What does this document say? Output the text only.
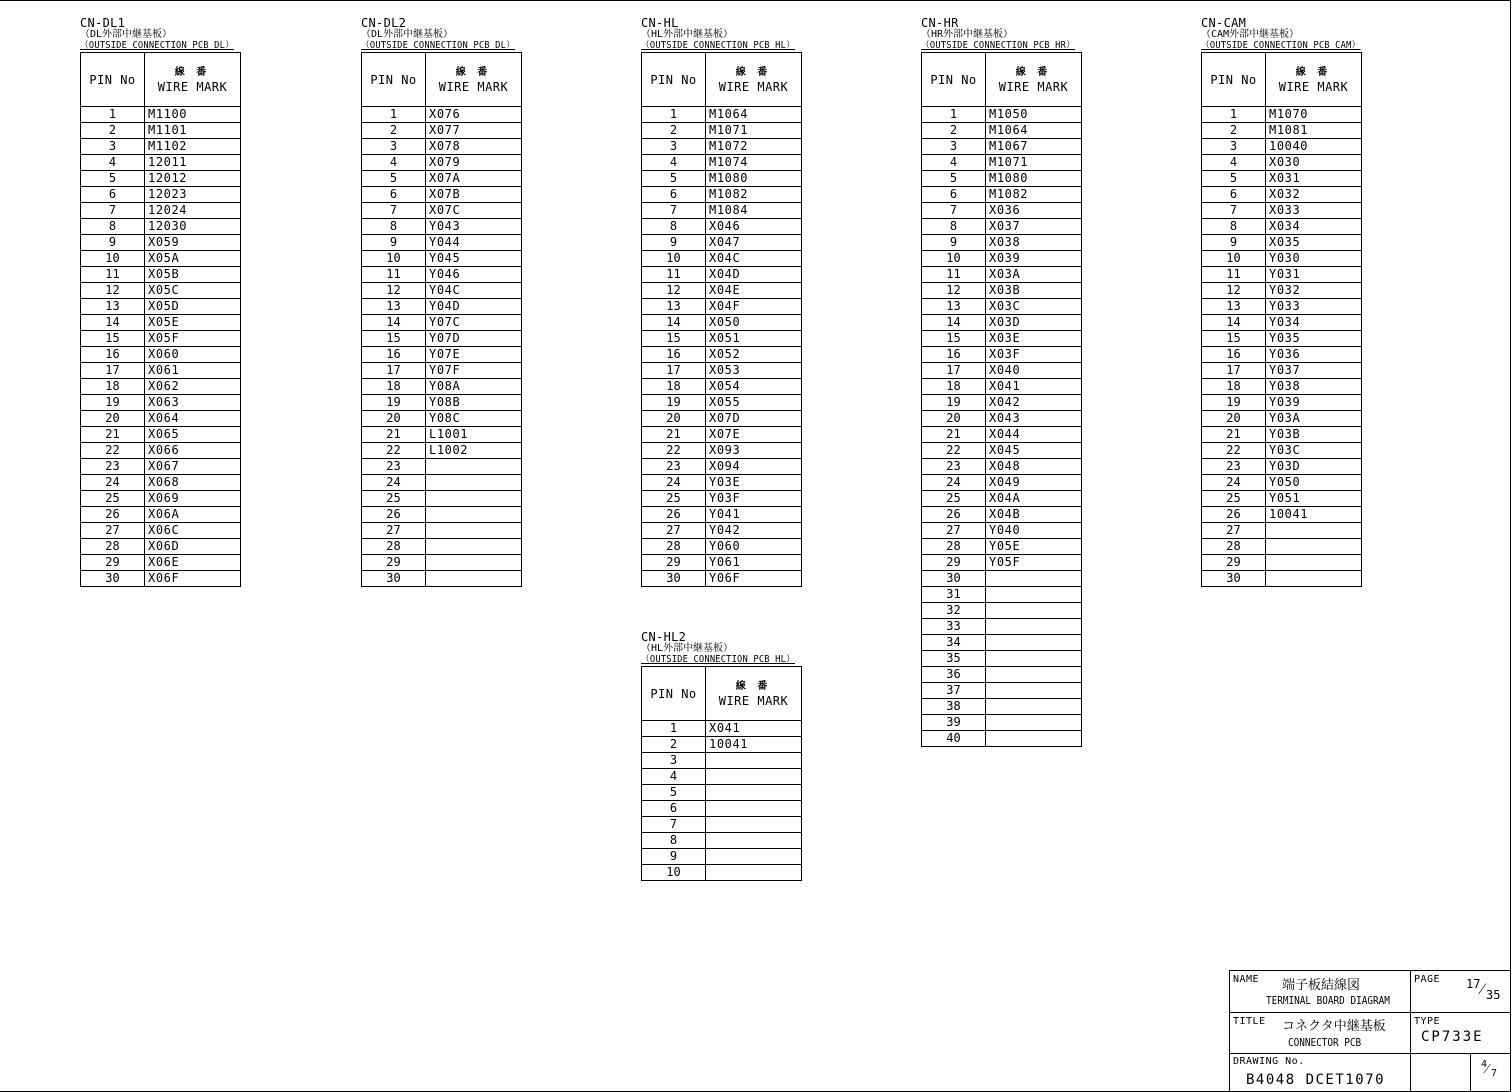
CN-DL1
（DL外部中継基板）
（OUTSIDE CONNECTION PCB DL）
PIN No	線 番
WIRE MARK
1	M1100
2	M1101
3	M1102
4	12011
5	12012
6	12023
7	12024
8	12030
9	X059
10	X05A
11	X05B
12	X05C
13	X05D
14	X05E
15	X05F
16	X060
17	X061
18	X062
19	X063
20	X064
21	X065
22	X066
23	X067
24	X068
25	X069
26	X06A
27	X06C
28	X06D
29	X06E
30	X06F
CN-DL2
（DL外部中継基板）
（OUTSIDE CONNECTION PCB DL）
PIN No	線 番
WIRE MARK
1	X076
2	X077
3	X078
4	X079
5	X07A
6	X07B
7	X07C
8	Y043
9	Y044
10	Y045
11	Y046
12	Y04C
13	Y04D
14	Y07C
15	Y07D
16	Y07E
17	Y07F
18	Y08A
19	Y08B
20	Y08C
21	L1001
22	L1002
23	
24	
25	
26	
27	
28	
29	
30	
CN-HL
（HL外部中継基板）
（OUTSIDE CONNECTION PCB HL）
PIN No	線 番
WIRE MARK
1	M1064
2	M1071
3	M1072
4	M1074
5	M1080
6	M1082
7	M1084
8	X046
9	X047
10	X04C
11	X04D
12	X04E
13	X04F
14	X050
15	X051
16	X052
17	X053
18	X054
19	X055
20	X07D
21	X07E
22	X093
23	X094
24	Y03E
25	Y03F
26	Y041
27	Y042
28	Y060
29	Y061
30	Y06F
CN-HR
（HR外部中継基板）
（OUTSIDE CONNECTION PCB HR）
PIN No	線 番
WIRE MARK
1	M1050
2	M1064
3	M1067
4	M1071
5	M1080
6	M1082
7	X036
8	X037
9	X038
10	X039
11	X03A
12	X03B
13	X03C
14	X03D
15	X03E
16	X03F
17	X040
18	X041
19	X042
20	X043
21	X044
22	X045
23	X048
24	X049
25	X04A
26	X04B
27	Y040
28	Y05E
29	Y05F
30	
31	
32	
33	
34	
35	
36	
37	
38	
39	
40	
CN-CAM
（CAM外部中継基板）
（OUTSIDE CONNECTION PCB CAM）
PIN No	線 番
WIRE MARK
1	M1070
2	M1081
3	10040
4	X030
5	X031
6	X032
7	X033
8	X034
9	X035
10	Y030
11	Y031
12	Y032
13	Y033
14	Y034
15	Y035
16	Y036
17	Y037
18	Y038
19	Y039
20	Y03A
21	Y03B
22	Y03C
23	Y03D
24	Y050
25	Y051
26	10041
27	
28	
29	
30	
CN-HL2
（HL外部中継基板）
（OUTSIDE CONNECTION PCB HL）
PIN No	線 番
WIRE MARK
1	X041
2	10041
3	
4	
5	
6	
7	
8	
9	
10	
NAME 端子板結線図
TERMINAL BOARD DIAGRAM
PAGE 17 ⁄ 35
TITLE コネクタ中継基板
CONNECTOR PCB
TYPE
CP733E
DRAWING No.
B4048 DCET1070
4
⁄ 7
